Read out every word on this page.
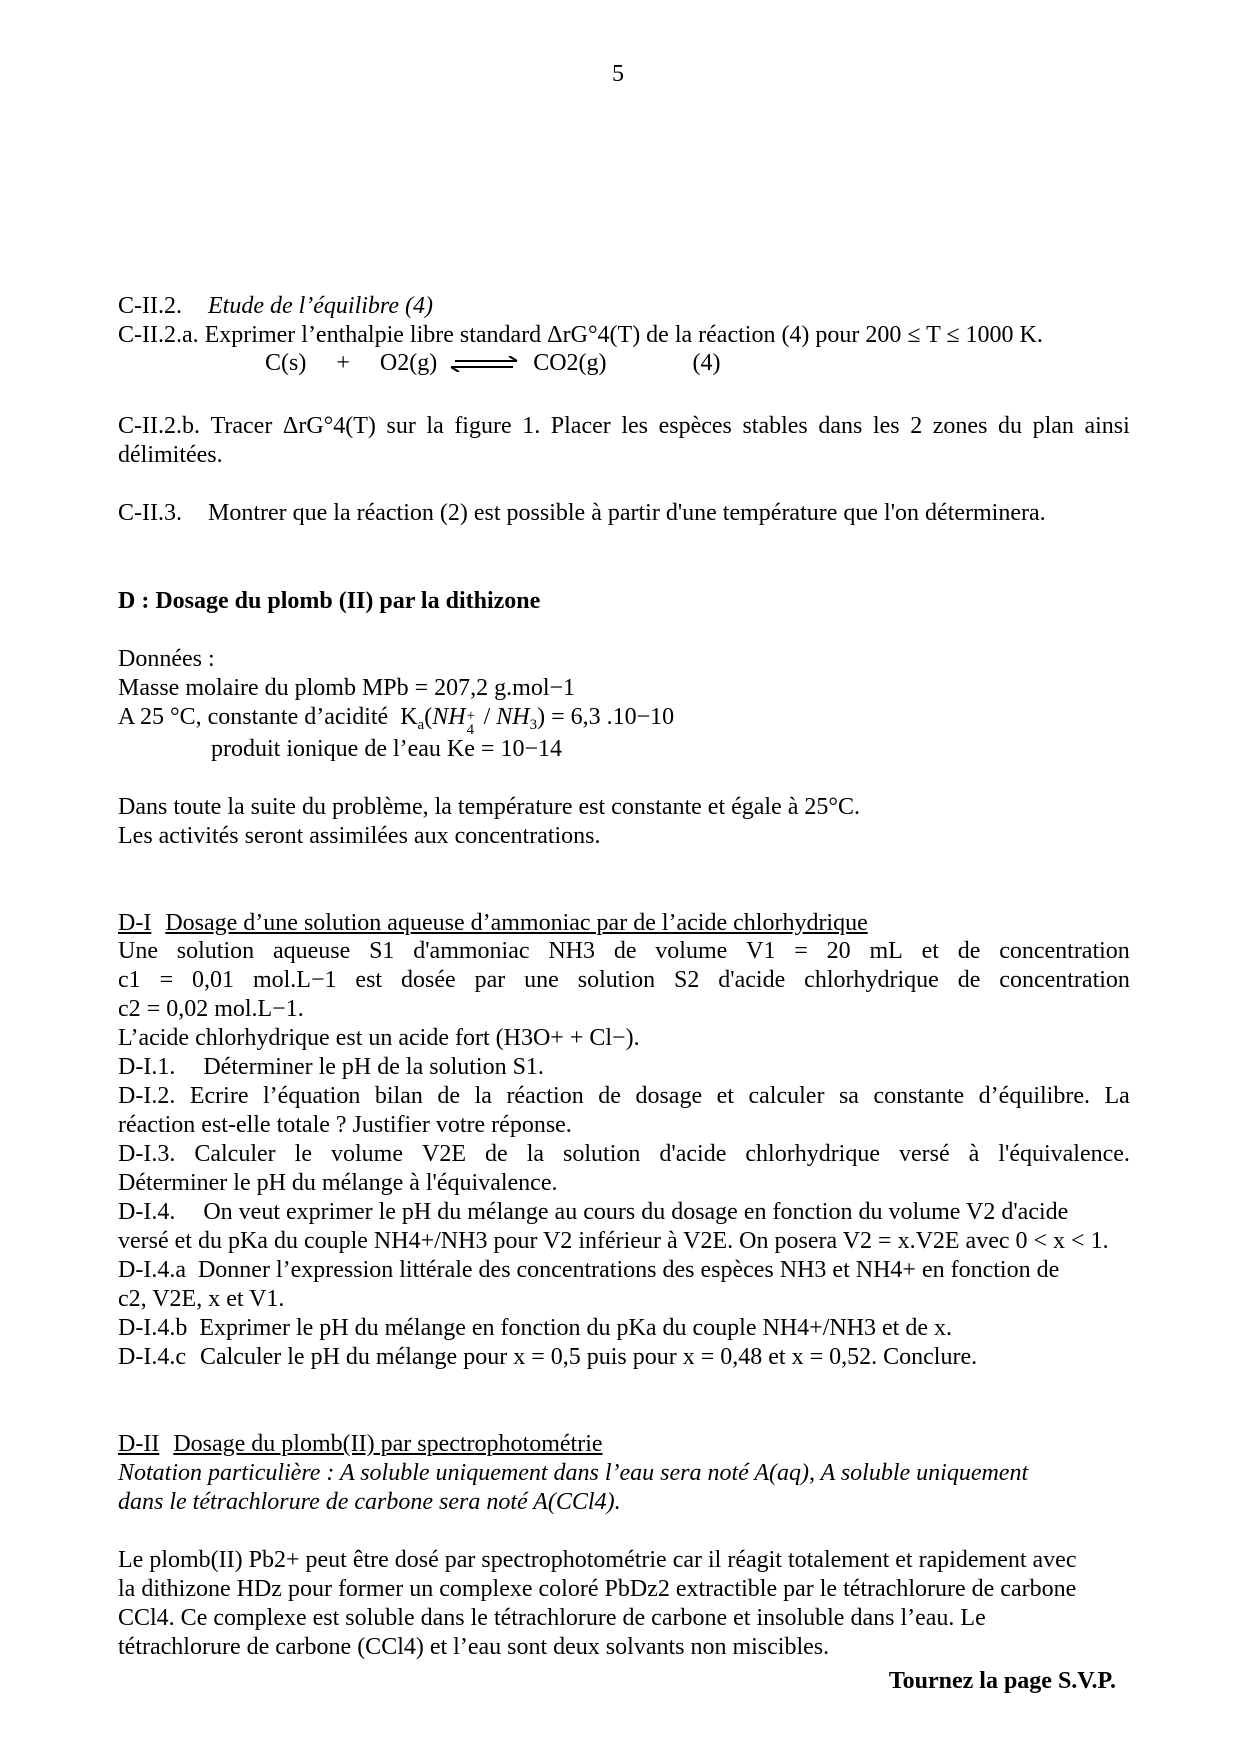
5
C-II.2. Etude de l’équilibre (4)
C-II.2.a. Exprimer l’enthalpie libre standard ΔrG°4(T) de la réaction (4) pour 200 ≤ T ≤ 1000 K.
C(s) + O2(g) ⇌ CO2(g)	(4)
C-II.2.b. Tracer ΔrG°4(T) sur la figure 1. Placer les espèces stables dans les 2 zones du plan ainsi
délimitées.
C-II.3. Montrer que la réaction (2) est possible à partir d'une température que l'on déterminera.
D : Dosage du plomb (II) par la dithizone
Données :
Masse molaire du plomb MPb = 207,2 g.mol−1
A 25 °C, constante d’acidité  $K_a(NH$ +
$4 / NH_3) = 6,3$ .10−10
produit ionique de l’eau Ke = 10−14
Dans toute la suite du problème, la température est constante et égale à 25°C.
Les activités seront assimilées aux concentrations.
D-I Dosage d’une solution aqueuse d’ammoniac par de l’acide chlorhydrique
Une solution aqueuse S1 d'ammoniac NH3 de volume V1 = 20 mL et de concentration
c1 = 0,01 mol.L−1 est dosée par une solution S2 d'acide chlorhydrique de concentration
c2 = 0,02 mol.L−1.
L’acide chlorhydrique est un acide fort (H3O+ + Cl−).
D-I.1. Déterminer le pH de la solution S1.
D-I.2. Ecrire l’équation bilan de la réaction de dosage et calculer sa constante d’équilibre. La
réaction est-elle totale ? Justifier votre réponse.
D-I.3. Calculer le volume V2E de la solution d'acide chlorhydrique versé à l'équivalence.
Déterminer le pH du mélange à l'équivalence.
D-I.4. On veut exprimer le pH du mélange au cours du dosage en fonction du volume V2 d'acide
versé et du pKa du couple NH4+/NH3 pour V2 inférieur à V2E. On posera V2 = x.V2E avec 0 < x < 1.
D-I.4.a Donner l’expression littérale des concentrations des espèces NH3 et NH4+ en fonction de
c2, V2E, x et V1.
D-I.4.b Exprimer le pH du mélange en fonction du pKa du couple NH4+/NH3 et de x.
D-I.4.c Calculer le pH du mélange pour x = 0,5 puis pour x = 0,48 et x = 0,52. Conclure.
D-II Dosage du plomb(II) par spectrophotométrie
Notation particulière : A soluble uniquement dans l’eau sera noté A(aq), A soluble uniquement
dans le tétrachlorure de carbone sera noté A(CCl4).
Le plomb(II) Pb2+ peut être dosé par spectrophotométrie car il réagit totalement et rapidement avec
la dithizone HDz pour former un complexe coloré PbDz2 extractible par le tétrachlorure de carbone
CCl4. Ce complexe est soluble dans le tétrachlorure de carbone et insoluble dans l’eau. Le
tétrachlorure de carbone (CCl4) et l’eau sont deux solvants non miscibles.
Tournez la page S.V.P.
